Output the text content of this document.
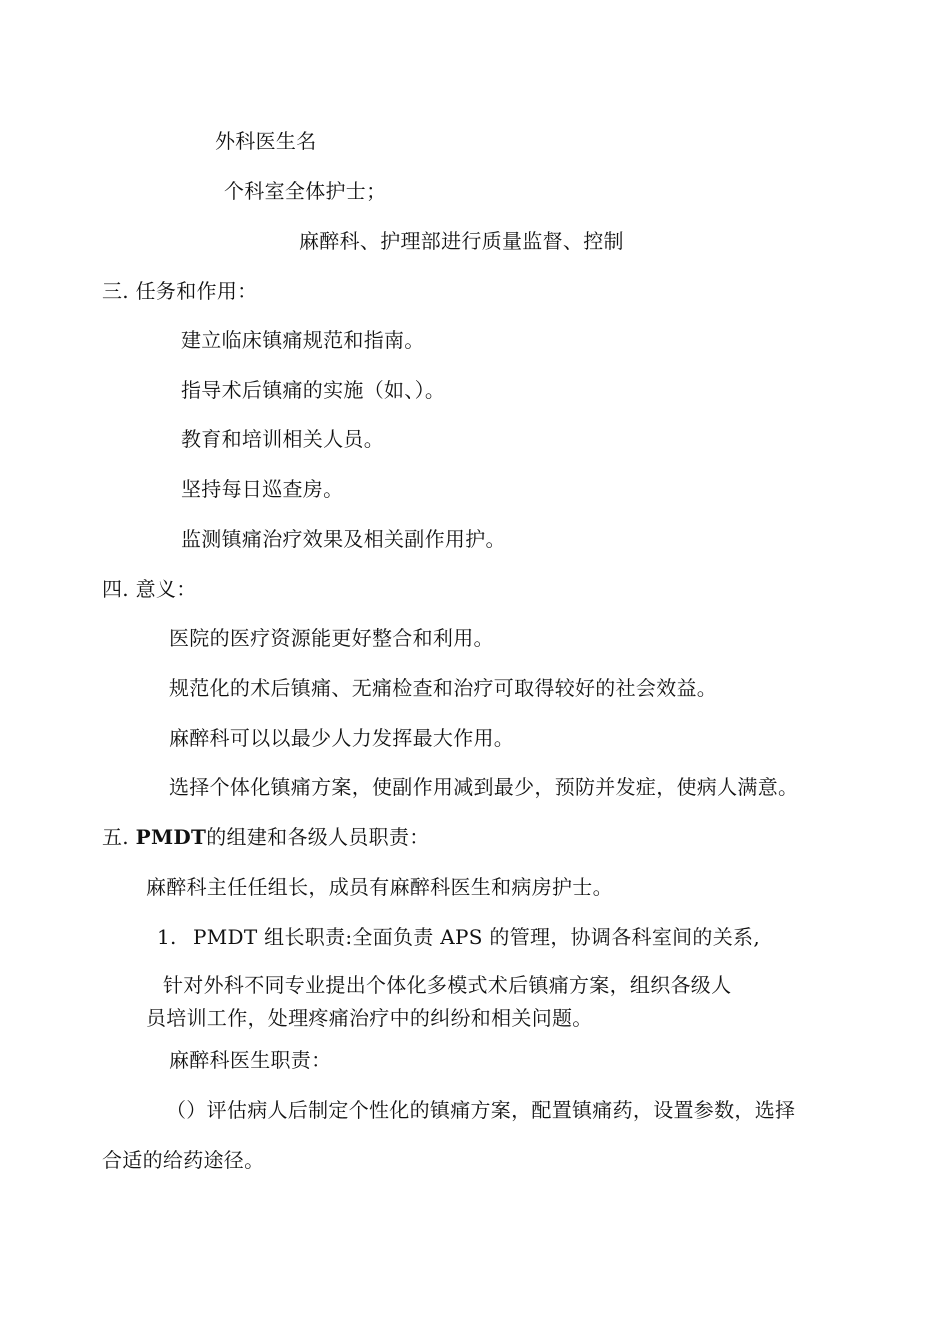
外科医生名
个科室全体护士；
麻醉科、护理部进行质量监督、控制
三. 任务和作用：
建立临床镇痛规范和指南。
指导术后镇痛的实施（如、）。
教育和培训相关人员。
坚持每日巡查房。
监测镇痛治疗效果及相关副作用护。
四. 意义：
医院的医疗资源能更好整合和利用。
规范化的术后镇痛、无痛检查和治疗可取得较好的社会效益。
麻醉科可以以最少人力发挥最大作用。
选择个体化镇痛方案，使副作用减到最少，预防并发症，使病人满意。
五. PMDT的组建和各级人员职责：
麻醉科主任任组长，成员有麻醉科医生和病房护士。
1. PMDT 组长职责:全面负责 APS 的管理，协调各科室间的关系,
针对外科不同专业提出个体化多模式术后镇痛方案，组织各级人
员培训工作，处理疼痛治疗中的纠纷和相关问题。
麻醉科医生职责：
（）评估病人后制定个性化的镇痛方案，配置镇痛药，设置参数，选择
合适的给药途径。
